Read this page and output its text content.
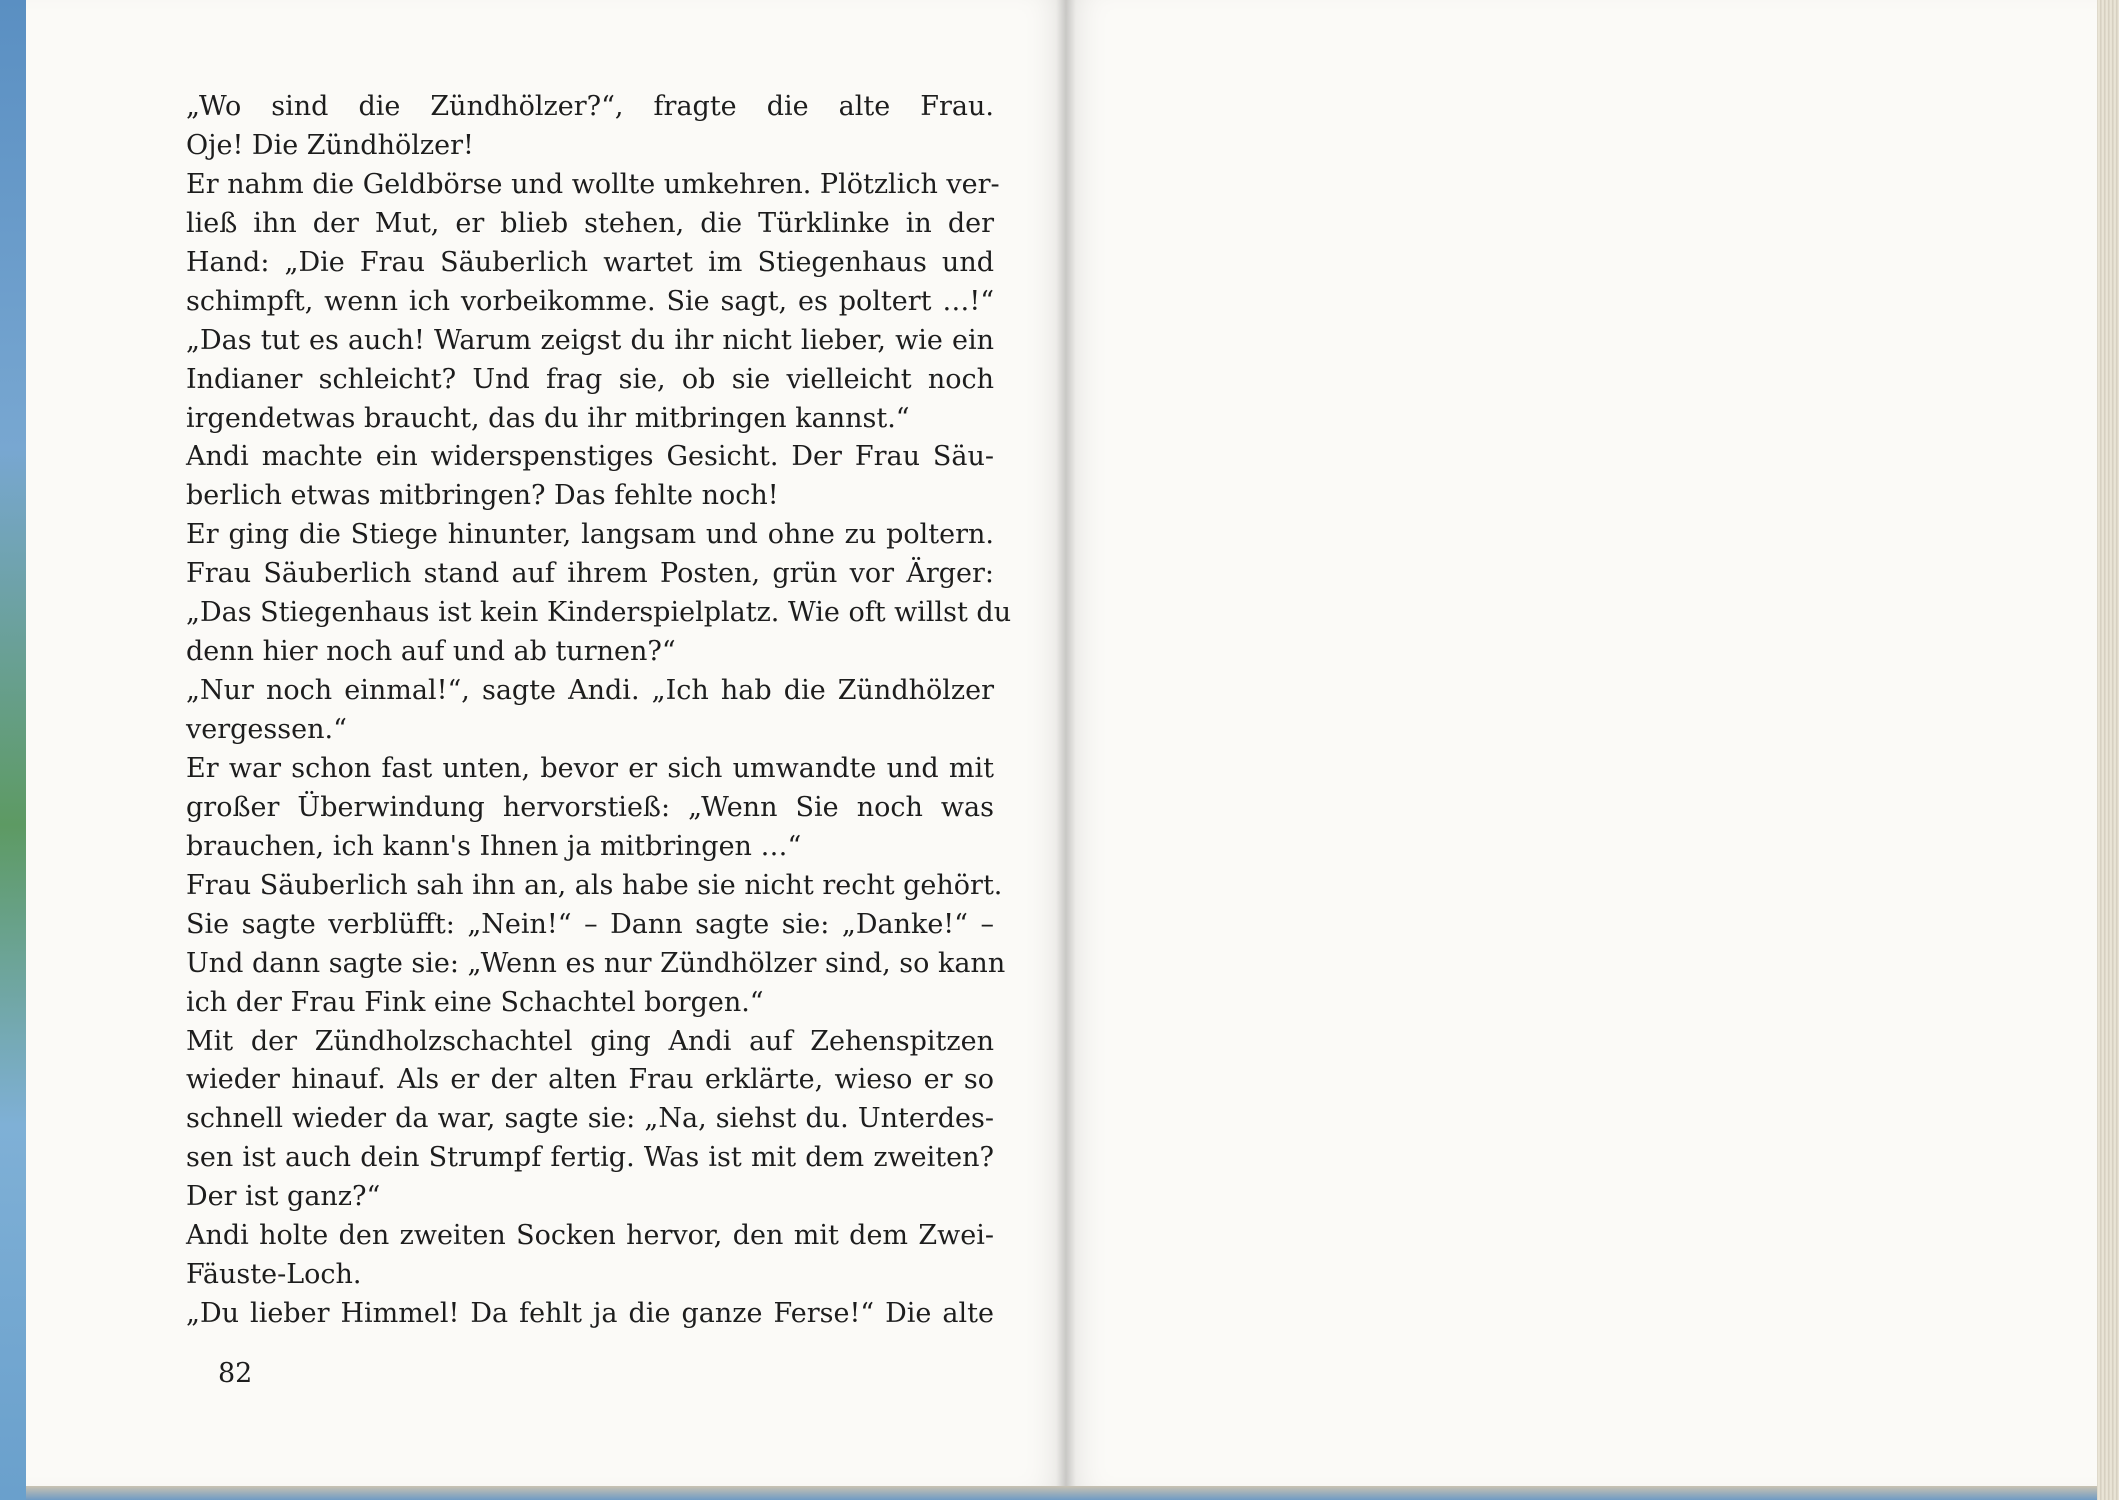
„Wo sind die Zündhölzer?“, fragte die alte Frau.
Oje! Die Zündhölzer!
Er nahm die Geldbörse und wollte umkehren. Plötzlich ver-
ließ ihn der Mut, er blieb stehen, die Türklinke in der
Hand: „Die Frau Säuberlich wartet im Stiegenhaus und
schimpft, wenn ich vorbeikomme. Sie sagt, es poltert …!“
„Das tut es auch! Warum zeigst du ihr nicht lieber, wie ein
Indianer schleicht? Und frag sie, ob sie vielleicht noch
irgendetwas braucht, das du ihr mitbringen kannst.“
Andi machte ein widerspenstiges Gesicht. Der Frau Säu-
berlich etwas mitbringen? Das fehlte noch!
Er ging die Stiege hinunter, langsam und ohne zu poltern.
Frau Säuberlich stand auf ihrem Posten, grün vor Ärger:
„Das Stiegenhaus ist kein Kinderspielplatz. Wie oft willst du
denn hier noch auf und ab turnen?“
„Nur noch einmal!“, sagte Andi. „Ich hab die Zündhölzer
vergessen.“
Er war schon fast unten, bevor er sich umwandte und mit
großer Überwindung hervorstieß: „Wenn Sie noch was
brauchen, ich kann's Ihnen ja mitbringen …“
Frau Säuberlich sah ihn an, als habe sie nicht recht gehört.
Sie sagte verblüfft: „Nein!“ – Dann sagte sie: „Danke!“ –
Und dann sagte sie: „Wenn es nur Zündhölzer sind, so kann
ich der Frau Fink eine Schachtel borgen.“
Mit der Zündholzschachtel ging Andi auf Zehenspitzen
wieder hinauf. Als er der alten Frau erklärte, wieso er so
schnell wieder da war, sagte sie: „Na, siehst du. Unterdes-
sen ist auch dein Strumpf fertig. Was ist mit dem zweiten?
Der ist ganz?“
Andi holte den zweiten Socken hervor, den mit dem Zwei-
Fäuste-Loch.
„Du lieber Himmel! Da fehlt ja die ganze Ferse!“ Die alte
82
